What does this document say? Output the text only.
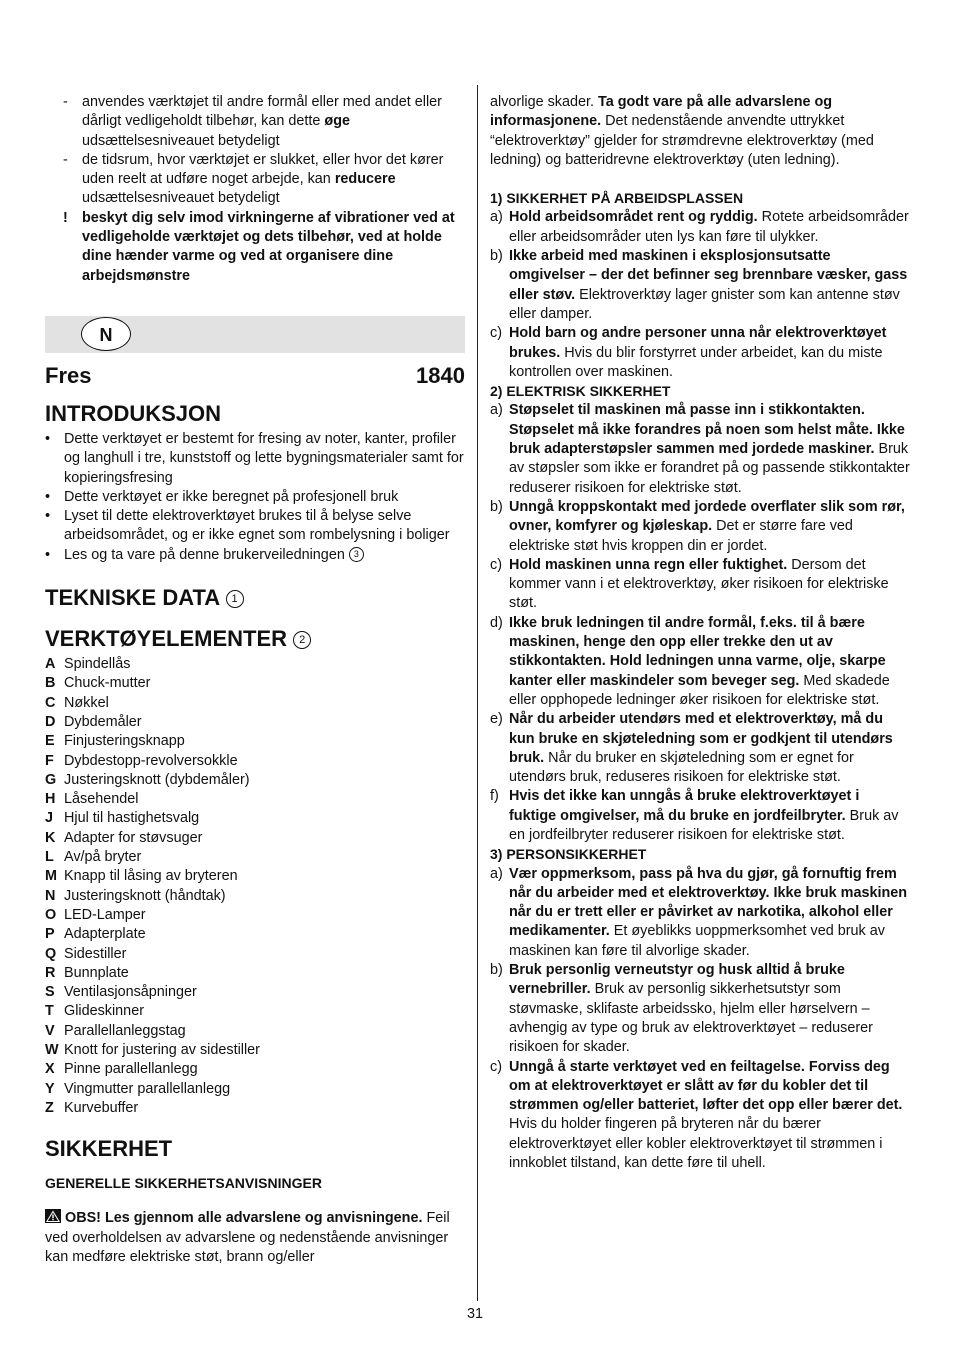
- anvendes værktøjet til andre formål eller med andet eller dårligt vedligeholdt tilbehør, kan dette øge udsættelsesniveauet betydeligt
- de tidsrum, hvor værktøjet er slukket, eller hvor det kører uden reelt at udføre noget arbejde, kan reducere udsættelsesniveauet betydeligt
! beskyt dig selv imod virkningerne af vibrationer ved at vedligeholde værktøjet og dets tilbehør, ved at holde dine hænder varme og ved at organisere dine arbejdsmønstre
N
Fres	1840
INTRODUKSJON
• Dette verktøyet er bestemt for fresing av noter, kanter, profiler og langhull i tre, kunststoff og lette bygningsmaterialer samt for kopieringsfresing
• Dette verktøyet er ikke beregnet på profesjonell bruk
• Lyset til dette elektroverktøyet brukes til å belyse selve arbeidsområdet, og er ikke egnet som rombelysning i boliger
• Les og ta vare på denne brukerveiledningen 3
TEKNISKE DATA 1
VERKTØYELEMENTER 2
A Spindellås
B Chuck-mutter
C Nøkkel
D Dybdemåler
E Finjusteringsknapp
F Dybdestopp-revolversokkle
G Justeringsknott (dybdemåler)
H Låsehendel
J Hjul til hastighetsvalg
K Adapter for støvsuger
L Av/på bryter
M Knapp til låsing av bryteren
N Justeringsknott (håndtak)
O LED-Lamper
P Adapterplate
Q Sidestiller
R Bunnplate
S Ventilasjonsåpninger
T Glideskinner
V Parallellanleggstag
W Knott for justering av sidestiller
X Pinne parallellanlegg
Y Vingmutter parallellanlegg
Z Kurvebuffer
SIKKERHET
GENERELLE SIKKERHETSANVISNINGER
OBS! Les gjennom alle advarslene og anvisningene. Feil ved overholdelsen av advarslene og nedenstående anvisninger kan medføre elektriske støt, brann og/eller
alvorlige skader. Ta godt vare på alle advarslene og informasjonene. Det nedenstående anvendte uttrykket “elektroverktøy” gjelder for strømdrevne elektroverktøy (med ledning) og batteridrevne elektroverktøy (uten ledning).
1) SIKKERHET PÅ ARBEIDSPLASSEN
a) Hold arbeidsområdet rent og ryddig. Rotete arbeidsområder eller arbeidsområder uten lys kan føre til ulykker.
b) Ikke arbeid med maskinen i eksplosjonsutsatte omgivelser – der det befinner seg brennbare væsker, gass eller støv. Elektroverktøy lager gnister som kan antenne støv eller damper.
c) Hold barn og andre personer unna når elektroverktøyet brukes. Hvis du blir forstyrret under arbeidet, kan du miste kontrollen over maskinen.
2) ELEKTRISK SIKKERHET
a) Støpselet til maskinen må passe inn i stikkontakten. Støpselet må ikke forandres på noen som helst måte. Ikke bruk adapterstøpsler sammen med jordede maskiner. Bruk av støpsler som ikke er forandret på og passende stikkontakter reduserer risikoen for elektriske støt.
b) Unngå kroppskontakt med jordede overflater slik som rør, ovner, komfyrer og kjøleskap. Det er større fare ved elektriske støt hvis kroppen din er jordet.
c) Hold maskinen unna regn eller fuktighet. Dersom det kommer vann i et elektroverktøy, øker risikoen for elektriske støt.
d) Ikke bruk ledningen til andre formål, f.eks. til å bære maskinen, henge den opp eller trekke den ut av stikkontakten. Hold ledningen unna varme, olje, skarpe kanter eller maskindeler som beveger seg. Med skadede eller opphopede ledninger øker risikoen for elektriske støt.
e) Når du arbeider utendørs med et elektroverktøy, må du kun bruke en skjøteledning som er godkjent til utendørs bruk. Når du bruker en skjøteledning som er egnet for utendørs bruk, reduseres risikoen for elektriske støt.
f) Hvis det ikke kan unngås å bruke elektroverktøyet i fuktige omgivelser, må du bruke en jordfeilbryter. Bruk av en jordfeilbryter reduserer risikoen for elektriske støt.
3) PERSONSIKKERHET
a) Vær oppmerksom, pass på hva du gjør, gå fornuftig frem når du arbeider med et elektroverktøy. Ikke bruk maskinen når du er trett eller er påvirket av narkotika, alkohol eller medikamenter. Et øyeblikks uoppmerksomhet ved bruk av maskinen kan føre til alvorlige skader.
b) Bruk personlig verneutstyr og husk alltid å bruke vernebriller. Bruk av personlig sikkerhetsutstyr som støvmaske, sklifaste arbeidssko, hjelm eller hørselvern – avhengig av type og bruk av elektroverktøyet – reduserer risikoen for skader.
c) Unngå å starte verktøyet ved en feiltagelse. Forviss deg om at elektroverktøyet er slått av før du kobler det til strømmen og/eller batteriet, løfter det opp eller bærer det. Hvis du holder fingeren på bryteren når du bærer elektroverktøyet eller kobler elektroverktøyet til strømmen i innkoblet tilstand, kan dette føre til uhell.
31
